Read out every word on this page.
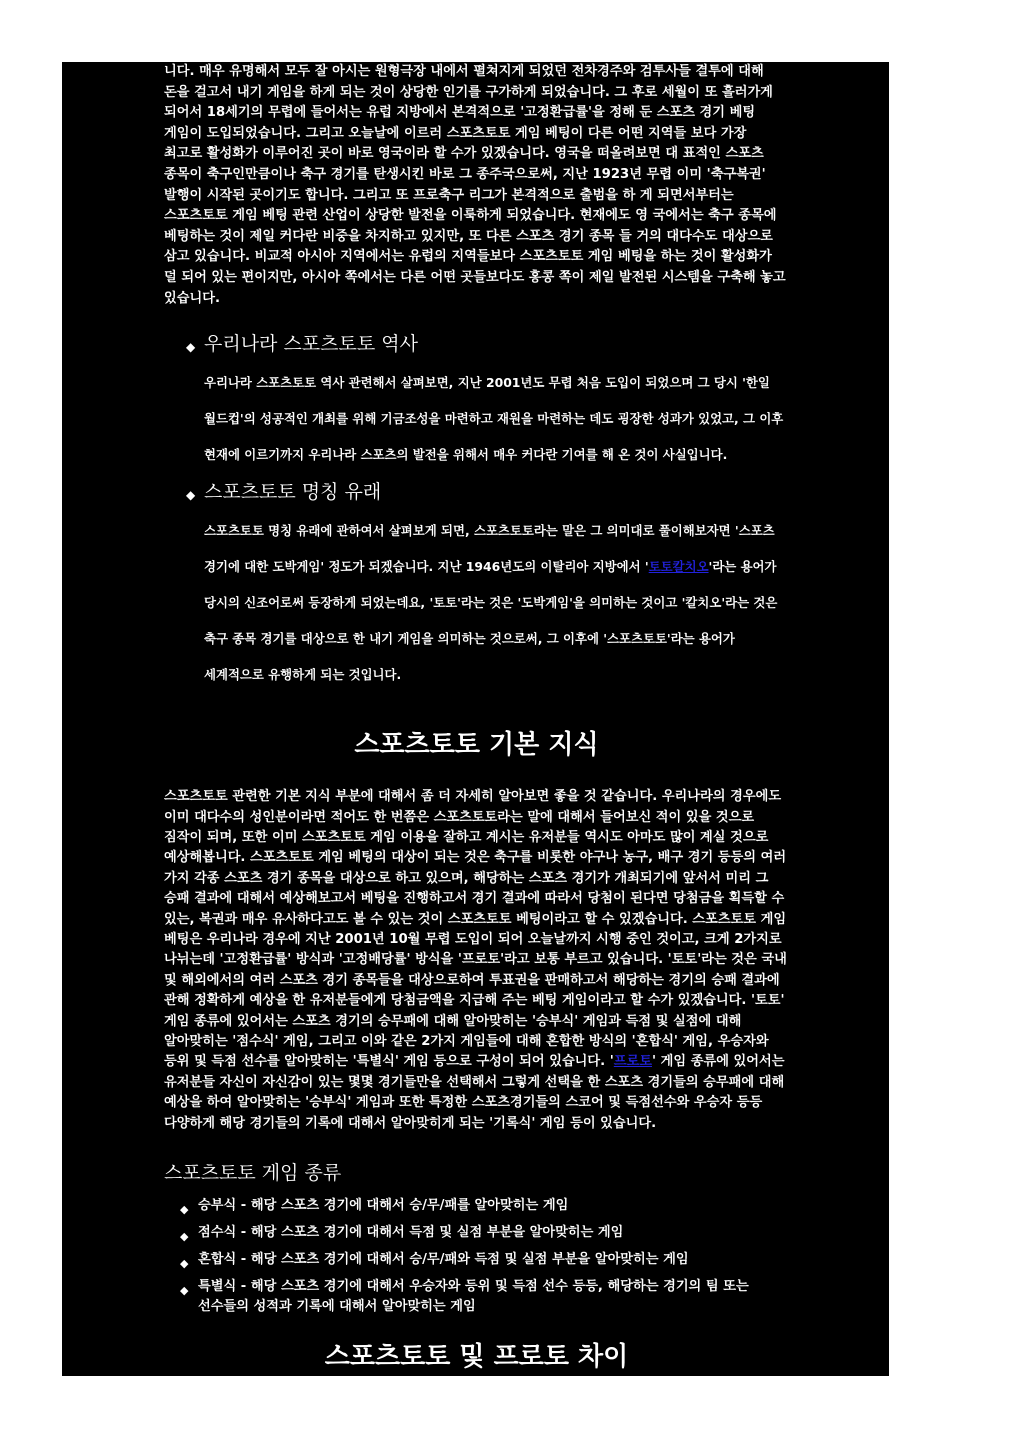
니다. 매우 유명해서 모두 잘 아시는 원형극장 내에서 펼쳐지게 되었던 전차경주와 검투사들 결투에 대해 돈을 걸고서 내기 게임을 하게 되는 것이 상당한 인기를 구가하게 되었습니다. 그 후로 세월이 또 흘러가게 되어서 18세기의 무렵에 들어서는 유럽 지방에서 본격적으로 '고정환급률'을 정해 둔 스포츠 경기 베팅 게임이 도입되었습니다. 그리고 오늘날에 이르러 스포츠토토 게임 베팅이 다른 어떤 지역들 보다 가장 최고로 활성화가 이루어진 곳이 바로 영국이라 할 수가 있겠습니다. 영국을 떠올려보면 대 표적인 스포츠 종목이 축구인만큼이나 축구 경기를 탄생시킨 바로 그 종주국으로써, 지난 1923년 무렵 이미 '축구복권' 발행이 시작된 곳이기도 합니다. 그리고 또 프로축구 리그가 본격적으로 출범을 하 게 되면서부터는 스포츠토토 게임 베팅 관련 산업이 상당한 발전을 이룩하게 되었습니다. 현재에도 영 국에서는 축구 종목에 베팅하는 것이 제일 커다란 비중을 차지하고 있지만, 또 다른 스포츠 경기 종목 들 거의 대다수도 대상으로 삼고 있습니다. 비교적 아시아 지역에서는 유럽의 지역들보다 스포츠토토 게임 베팅을 하는 것이 활성화가 덜 되어 있는 편이지만, 아시아 쪽에서는 다른 어떤 곳들보다도 홍콩 쪽이 제일 발전된 시스템을 구축해 놓고 있습니다.

◆ 우리나라 스포츠토토 역사

우리나라 스포츠토토 역사 관련해서 살펴보면, 지난 2001년도 무렵 처음 도입이 되었으며 그 당시 '한일 월드컵'의 성공적인 개최를 위해 기금조성을 마련하고 재원을 마련하는 데도 굉장한 성과가 있었고, 그 이후 현재에 이르기까지 우리나라 스포츠의 발전을 위해서 매우 커다란 기여를 해 온 것이 사실입니다.

◆ 스포츠토토 명칭 유래

스포츠토토 명칭 유래에 관하여서 살펴보게 되면, 스포츠토토라는 말은 그 의미대로 풀이해보자면 '스포츠 경기에 대한 도박게임' 정도가 되겠습니다. 지난 1946년도의 이탈리아 지방에서 '토토칼치오'라는 용어가 당시의 신조어로써 등장하게 되었는데요, '토토'라는 것은 '도박게임'을 의미하는 것이고 '칼치오'라는 것은 축구 종목 경기를 대상으로 한 내기 게임을 의미하는 것으로써, 그 이후에 '스포츠토토'라는 용어가 세계적으로 유행하게 되는 것입니다.

스포츠토토 기본 지식

스포츠토토 관련한 기본 지식 부분에 대해서 좀 더 자세히 알아보면 좋을 것 같습니다. 우리나라의 경우에도 이미 대다수의 성인분이라면 적어도 한 번쯤은 스포츠토토라는 말에 대해서 들어보신 적이 있을 것으로 짐작이 되며, 또한 이미 스포츠토토 게임 이용을 잘하고 계시는 유저분들 역시도 아마도 많이 계실 것으로 예상해봅니다. 스포츠토토 게임 베팅의 대상이 되는 것은 축구를 비롯한 야구나 농구, 배구 경기 등등의 여러 가지 각종 스포츠 경기 종목을 대상으로 하고 있으며, 해당하는 스포츠 경기가 개최되기에 앞서서 미리 그 승패 결과에 대해서 예상해보고서 베팅을 진행하고서 경기 결과에 따라서 당첨이 된다면 당첨금을 획득할 수 있는, 복권과 매우 유사하다고도 볼 수 있는 것이 스포츠토토 베팅이라고 할 수 있겠습니다. 스포츠토토 게임 베팅은 우리나라 경우에 지난 2001년 10월 무렵 도입이 되어 오늘날까지 시행 중인 것이고, 크게 2가지로 나뉘는데 '고정환급률' 방식과 '고정배당률' 방식을 '프로토'라고 보통 부르고 있습니다. '토토'라는 것은 국내 및 해외에서의 여러 스포츠 경기 종목들을 대상으로하여 투표권을 판매하고서 해당하는 경기의 승패 결과에 관해 정확하게 예상을 한 유저분들에게 당첨금액을 지급해 주는 베팅 게임이라고 할 수가 있겠습니다. '토토' 게임 종류에 있어서는 스포츠 경기의 승무패에 대해 알아맞히는 '승부식' 게임과 득점 및 실점에 대해 알아맞히는 '점수식' 게임, 그리고 이와 같은 2가지 게임들에 대해 혼합한 방식의 '혼합식' 게임, 우승자와 등위 및 득점 선수를 알아맞히는 '특별식' 게임 등으로 구성이 되어 있습니다. '프로토' 게임 종류에 있어서는 유저분들 자신이 자신감이 있는 몇몇 경기들만을 선택해서 그렇게 선택을 한 스포츠 경기들의 승무패에 대해 예상을 하여 알아맞히는 '승부식' 게임과 또한 특정한 스포츠경기들의 스코어 및 득점선수와 우승자 등등 다양하게 해당 경기들의 기록에 대해서 알아맞히게 되는 '기록식' 게임 등이 있습니다.

스포츠토토 게임 종류
◆ 승부식 - 해당 스포츠 경기에 대해서 승/무/패를 알아맞히는 게임
◆ 점수식 - 해당 스포츠 경기에 대해서 득점 및 실점 부분을 알아맞히는 게임
◆ 혼합식 - 해당 스포츠 경기에 대해서 승/무/패와 득점 및 실점 부분을 알아맞히는 게임
◆ 특별식 - 해당 스포츠 경기에 대해서 우승자와 등위 및 득점 선수 등등, 해당하는 경기의 팀 또는 선수들의 성적과 기록에 대해서 알아맞히는 게임
스포츠토토 및 프로토 차이
